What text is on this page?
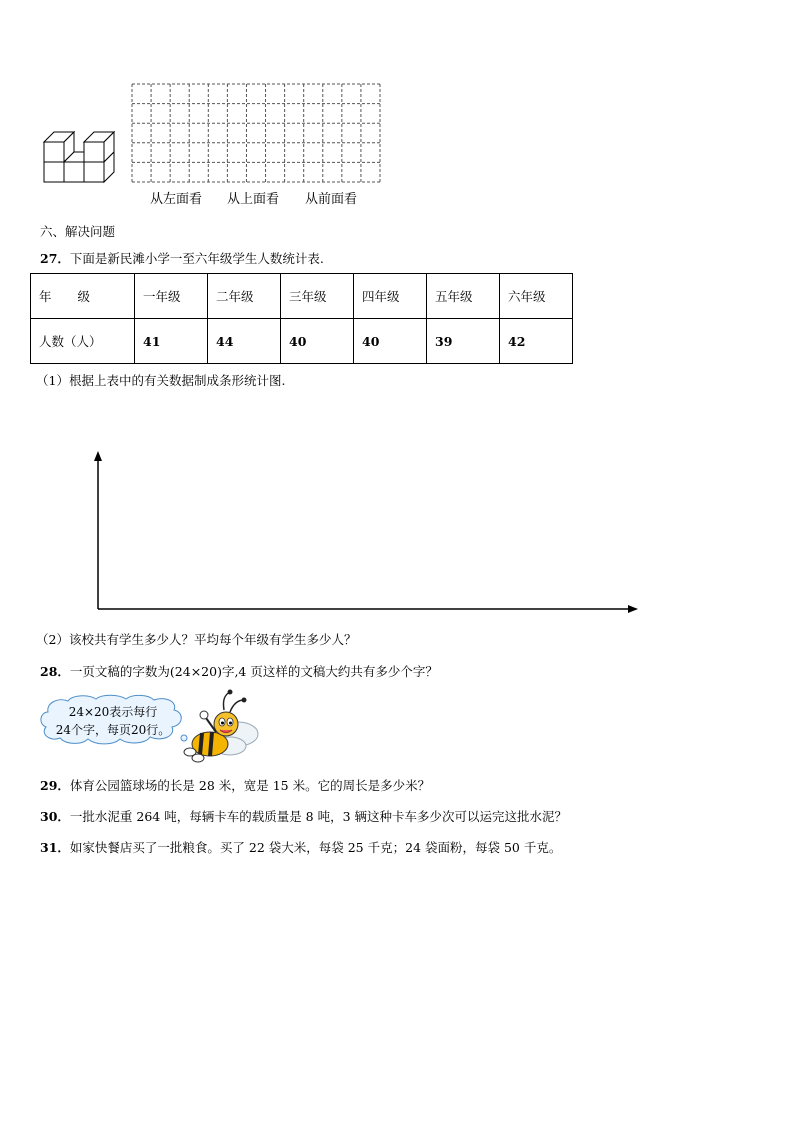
从左面看 从上面看 从前面看
六、解决问题
27．下面是新民滩小学一至六年级学生人数统计表.
年 级	一年级	二年级	三年级	四年级	五年级	六年级
人数（人）	41	44	40	40	39	42
（1）根据上表中的有关数据制成条形统计图.
（2）该校共有学生多少人？平均每个年级有学生多少人？
28．一页文稿的字数为(24×20)字,4 页这样的文稿大约共有多少个字？
24×20表示每行
24个字，每页20行。
29．体育公园篮球场的长是 28 米，宽是 15 米。它的周长是多少米？
30．一批水泥重 264 吨，每辆卡车的载质量是 8 吨，3 辆这种卡车多少次可以运完这批水泥？
31．如家快餐店买了一批粮食。买了 22 袋大米，每袋 25 千克；24 袋面粉，每袋 50 千克。
